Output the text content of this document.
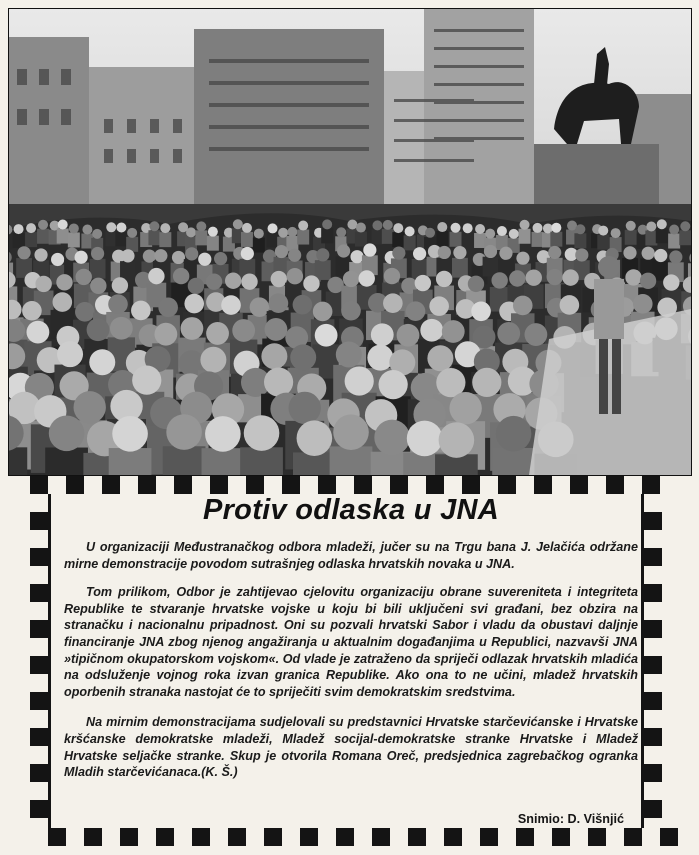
Protiv odlaska u JNA

U organizaciji Međustranačkog odbora mladeži, jučer su na Trgu bana J. Jelačića održane mirne demonstracije povodom sutrašnjeg odlaska hrvatskih novaka u JNA.

Tom prilikom, Odbor je zahtijevao cjelovitu organizaciju obrane suvereniteta i integriteta Republike te stvaranje hrvatske vojske u koju bi bili uključeni svi građani, bez obzira na stranačku i nacionalnu pripadnost. Oni su pozvali hrvatski Sabor i vladu da obustavi daljnje financiranje JNA zbog njenog angažiranja u aktualnim događanjima u Republici, nazvavši JNA »tipičnom okupatorskom vojskom«. Od vlade je zatraženo da spriječi odlazak hrvatskih mladića na odsluženje vojnog roka izvan granica Republike. Ako ona to ne učini, mladež hrvatskih oporbenih stranaka nastojat će to spriječiti svim demokratskim sredstvima.

Na mirnim demonstracijama sudjelovali su predstavnici Hrvatske starčevićanske i Hrvatske kršćanske demokratske mladeži, Mladež socijal-demokratske stranke Hrvatske i Mladež Hrvatske seljačke stranke. Skup je otvorila Romana Oreč, predsjednica zagrebačkog ogranka Mladih starčevićanaca.(K. Š.)

Snimio: D. Višnjić
